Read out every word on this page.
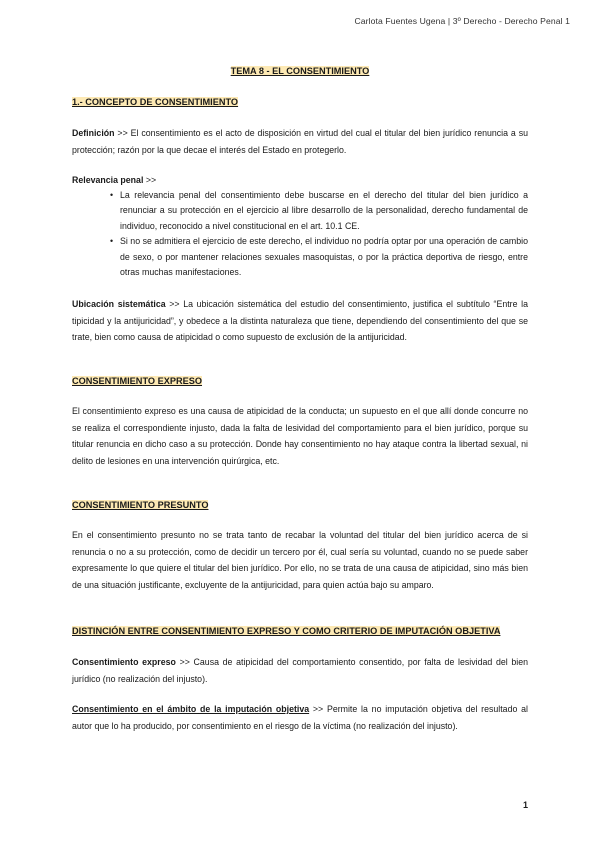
Carlota Fuentes Ugena | 3º Derecho - Derecho Penal 1
TEMA 8 - EL CONSENTIMIENTO
1.- CONCEPTO DE CONSENTIMIENTO
Definición >> El consentimiento es el acto de disposición en virtud del cual el titular del bien jurídico renuncia a su protección; razón por la que decae el interés del Estado en protegerlo.
Relevancia penal >>
• La relevancia penal del consentimiento debe buscarse en el derecho del titular del bien jurídico a renunciar a su protección en el ejercicio al libre desarrollo de la personalidad, derecho fundamental de individuo, reconocido a nivel constitucional en el art. 10.1 CE.
• Si no se admitiera el ejercicio de este derecho, el individuo no podría optar por una operación de cambio de sexo, o por mantener relaciones sexuales masoquistas, o por la práctica deportiva de riesgo, entre otras muchas manifestaciones.
Ubicación sistemática >> La ubicación sistemática del estudio del consentimiento, justifica el subtítulo “Entre la tipicidad y la antijuricidad”, y obedece a la distinta naturaleza que tiene, dependiendo del consentimiento del que se trate, bien como causa de atipicidad o como supuesto de exclusión de la antijuricidad.
CONSENTIMIENTO EXPRESO
El consentimiento expreso es una causa de atipicidad de la conducta; un supuesto en el que allí donde concurre no se realiza el correspondiente injusto, dada la falta de lesividad del comportamiento para el bien jurídico, porque su titular renuncia en dicho caso a su protección. Donde hay consentimiento no hay ataque contra la libertad sexual, ni delito de lesiones en una intervención quirúrgica, etc.
CONSENTIMIENTO PRESUNTO
En el consentimiento presunto no se trata tanto de recabar la voluntad del titular del bien jurídico acerca de si renuncia o no a su protección, como de decidir un tercero por él, cual sería su voluntad, cuando no se puede saber expresamente lo que quiere el titular del bien jurídico. Por ello, no se trata de una causa de atipicidad, sino más bien de una situación justificante, excluyente de la antijuricidad, para quien actúa bajo su amparo.
DISTINCIÓN ENTRE CONSENTIMIENTO EXPRESO Y COMO CRITERIO DE IMPUTACIÓN OBJETIVA
Consentimiento expreso >> Causa de atipicidad del comportamiento consentido, por falta de lesividad del bien jurídico (no realización del injusto).
Consentimiento en el ámbito de la imputación objetiva >> Permite la no imputación objetiva del resultado al autor que lo ha producido, por consentimiento en el riesgo de la víctima (no realización del injusto).
1
